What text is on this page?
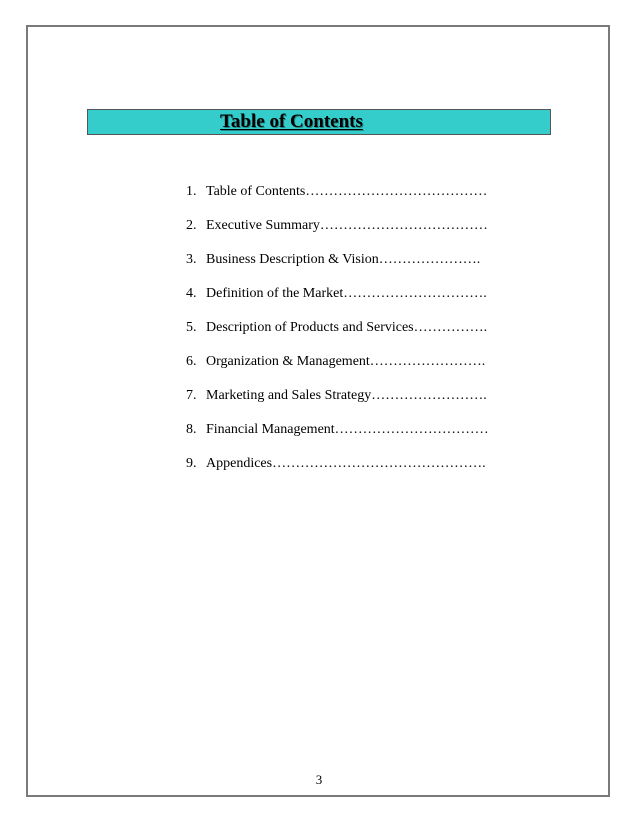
Table of Contents
1. Table of Contents…………………………………
2. Executive Summary………………………………
3. Business Description & Vision………………….
4. Definition of the Market………………………….
5. Description of Products and Services…………….
6. Organization & Management…………………….
7. Marketing and Sales Strategy…………………….
8. Financial Management……………………………
9. Appendices……………………………………….
3
